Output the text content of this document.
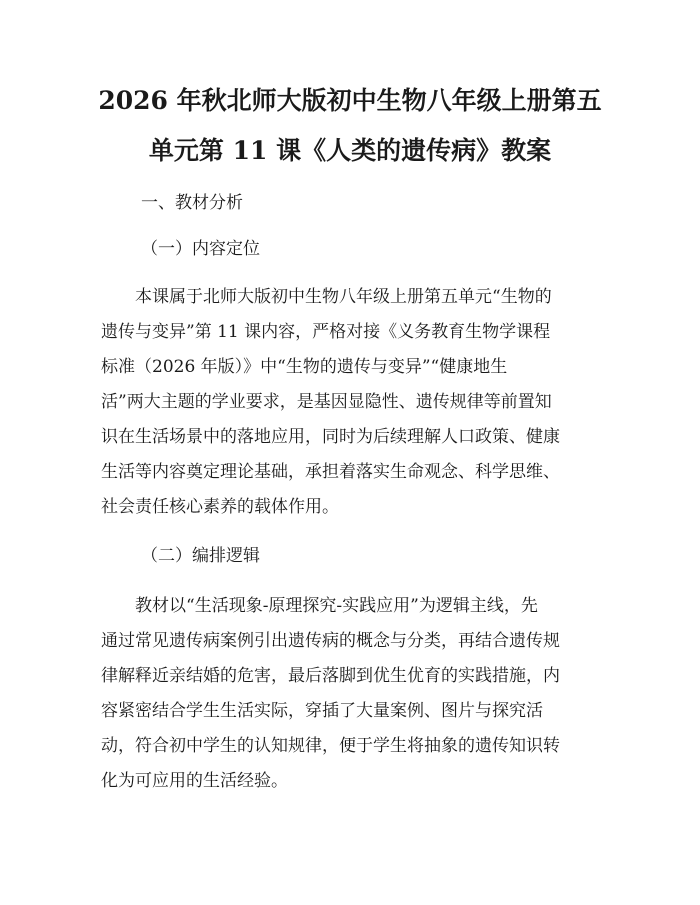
2026 年秋北师大版初中生物八年级上册第五
单元第 11 课《人类的遗传病》教案
一、教材分析
（一）内容定位
　　本课属于北师大版初中生物八年级上册第五单元“生物的
遗传与变异”第 11 课内容，严格对接《义务教育生物学课程
标准（2026 年版）》中“生物的遗传与变异”“健康地生
活”两大主题的学业要求，是基因显隐性、遗传规律等前置知
识在生活场景中的落地应用，同时为后续理解人口政策、健康
生活等内容奠定理论基础，承担着落实生命观念、科学思维、
社会责任核心素养的载体作用。
（二）编排逻辑
　　教材以“生活现象-原理探究-实践应用”为逻辑主线，先
通过常见遗传病案例引出遗传病的概念与分类，再结合遗传规
律解释近亲结婚的危害，最后落脚到优生优育的实践措施，内
容紧密结合学生生活实际，穿插了大量案例、图片与探究活
动，符合初中学生的认知规律，便于学生将抽象的遗传知识转
化为可应用的生活经验。
